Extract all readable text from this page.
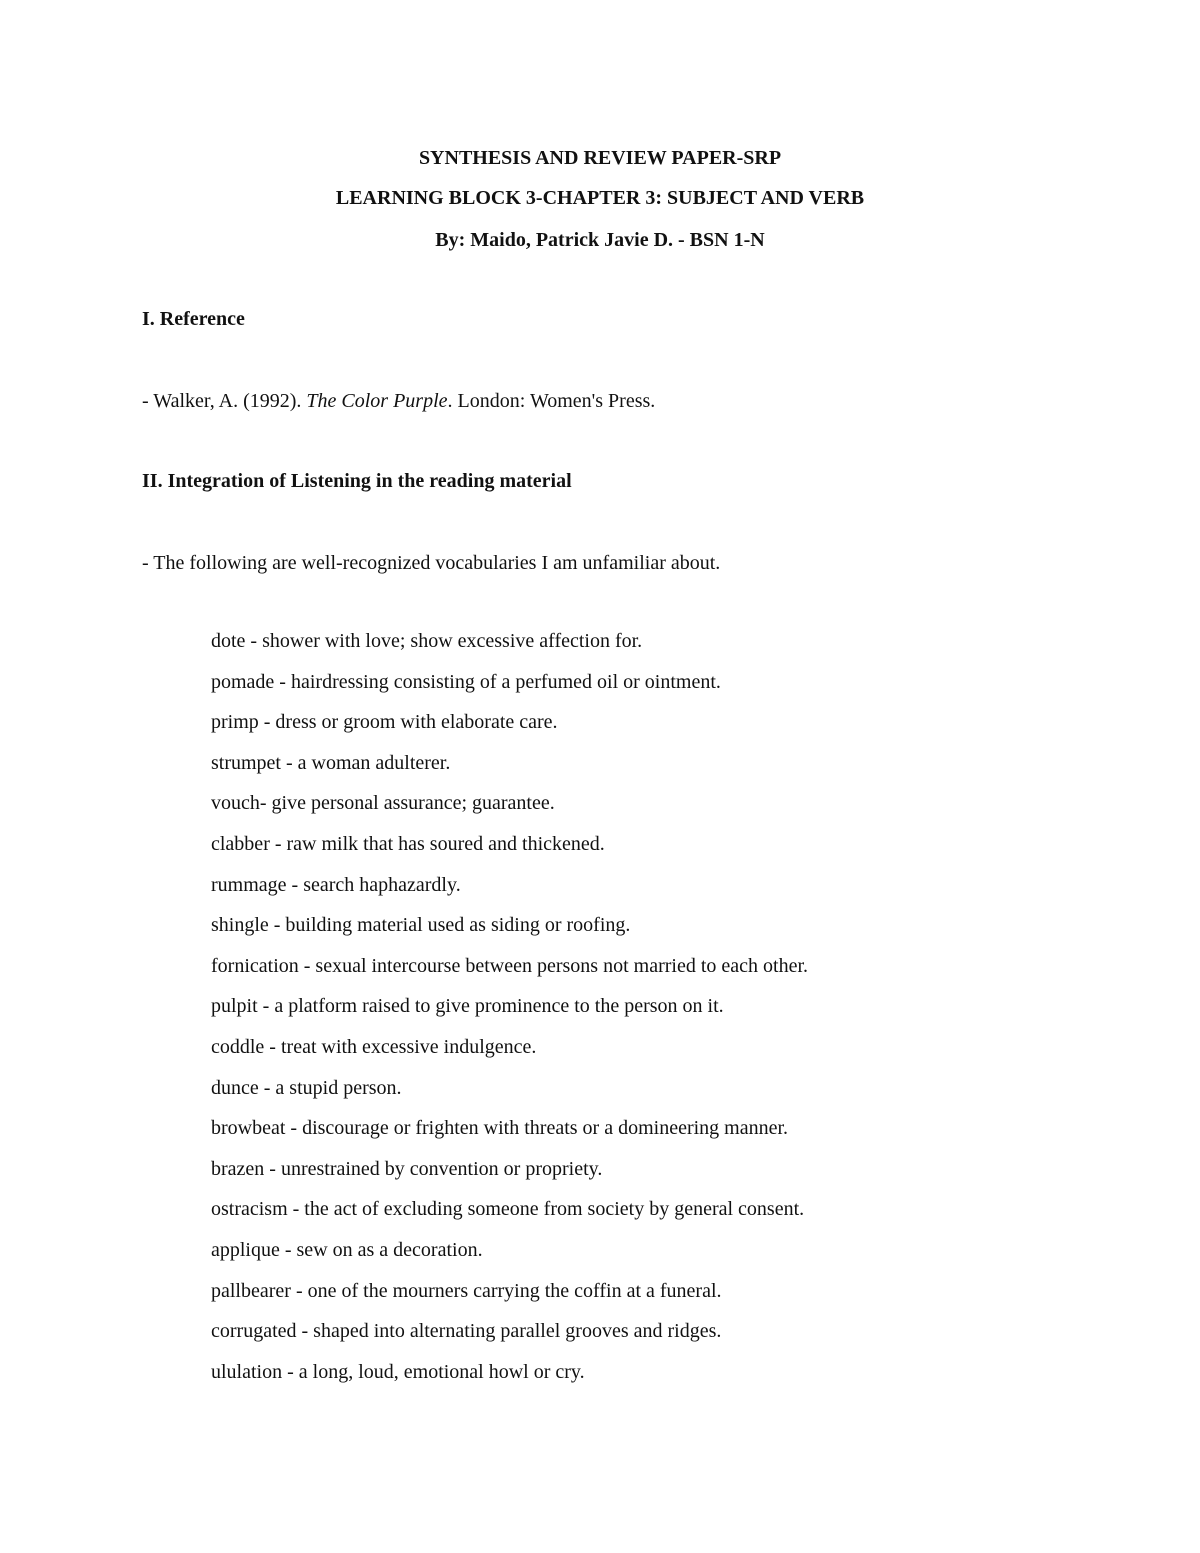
SYNTHESIS AND REVIEW PAPER-SRP
LEARNING BLOCK 3-CHAPTER 3: SUBJECT AND VERB
By: Maido, Patrick Javie D. - BSN 1-N
I. Reference
- Walker, A. (1992). The Color Purple. London: Women's Press.
II. Integration of Listening in the reading material
- The following are well-recognized vocabularies I am unfamiliar about.
dote - shower with love; show excessive affection for.
pomade - hairdressing consisting of a perfumed oil or ointment.
primp - dress or groom with elaborate care.
strumpet - a woman adulterer.
vouch- give personal assurance; guarantee.
clabber - raw milk that has soured and thickened.
rummage - search haphazardly.
shingle - building material used as siding or roofing.
fornication - sexual intercourse between persons not married to each other.
pulpit - a platform raised to give prominence to the person on it.
coddle - treat with excessive indulgence.
dunce - a stupid person.
browbeat - discourage or frighten with threats or a domineering manner.
brazen - unrestrained by convention or propriety.
ostracism - the act of excluding someone from society by general consent.
applique - sew on as a decoration.
pallbearer - one of the mourners carrying the coffin at a funeral.
corrugated - shaped into alternating parallel grooves and ridges.
ululation - a long, loud, emotional howl or cry.
